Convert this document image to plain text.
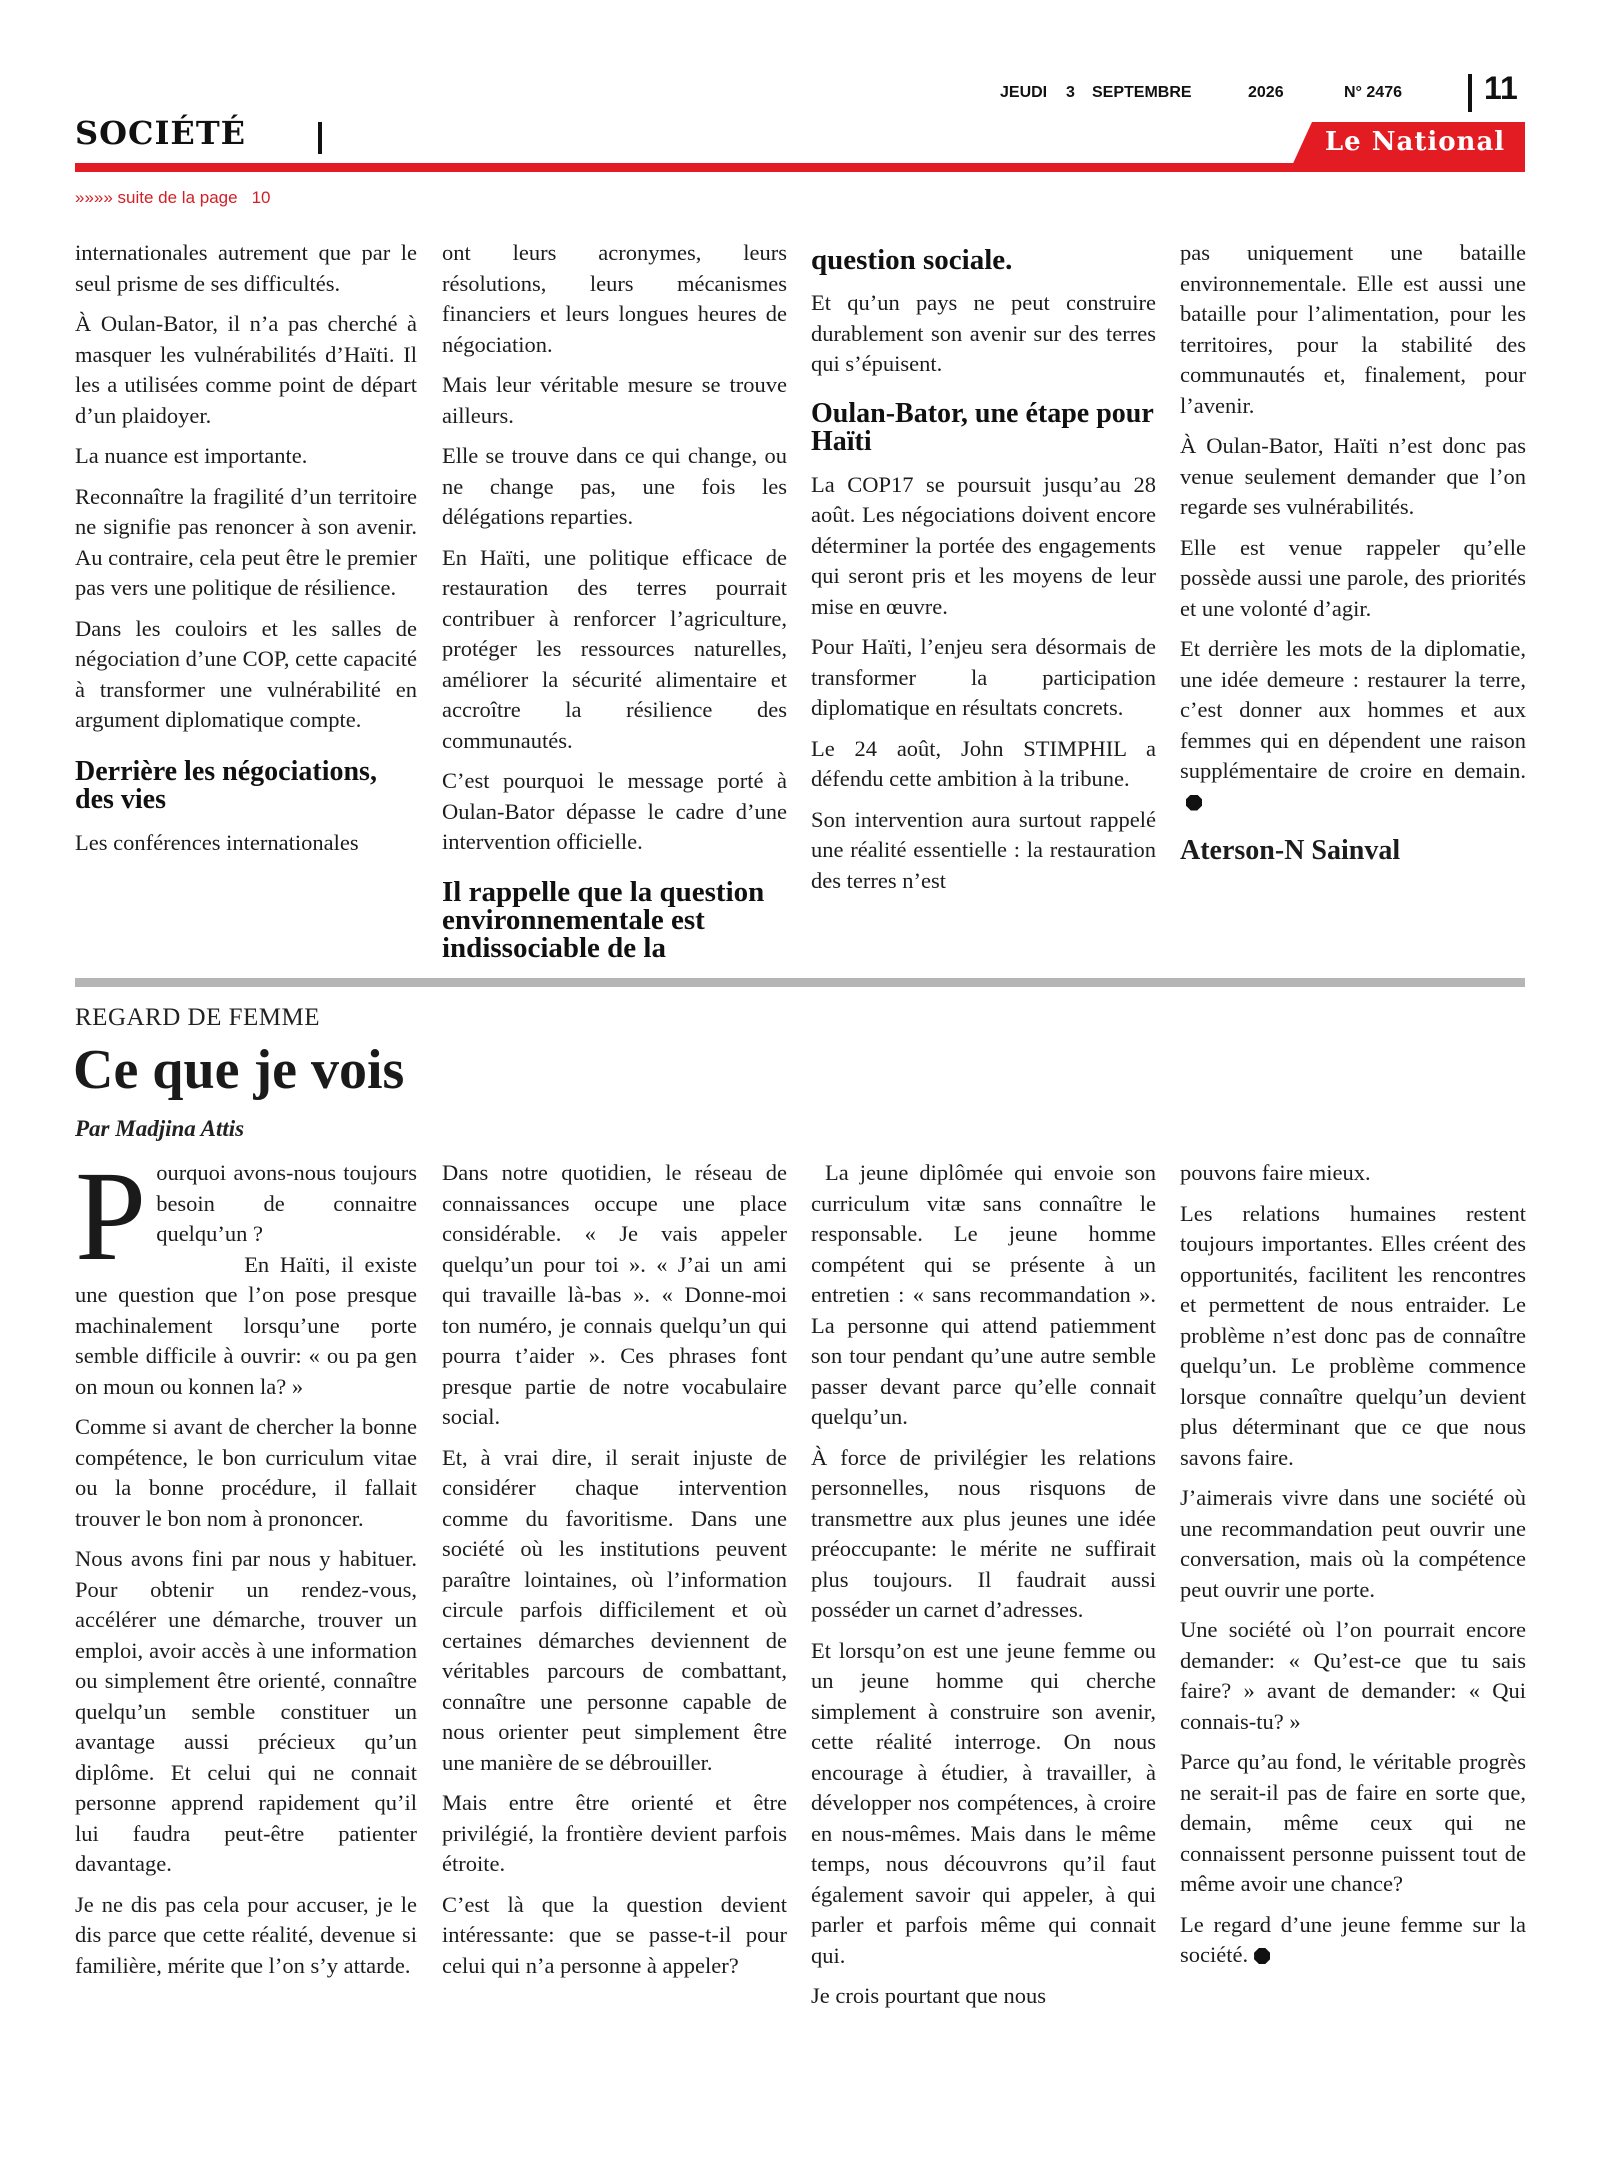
JEUDI	3	SEPTEMBRE	2026	N° 2476	11
SOCIÉTÉ	Le National
»»»» suite de la page 10

internationales autrement que par le seul prisme de ses difficultés.

À Oulan-Bator, il n’a pas cherché à masquer les vulnérabilités d’Haïti. Il les a utilisées comme point de départ d’un plaidoyer.

La nuance est importante.

Reconnaître la fragilité d’un territoire ne signifie pas renoncer à son avenir. Au contraire, cela peut être le premier pas vers une politique de résilience.

Dans les couloirs et les salles de négociation d’une COP, cette capacité à transformer une vulnérabilité en argument diplomatique compte.

Derrière les négociations, des vies

Les conférences internationales

ont leurs acronymes, leurs résolutions, leurs mécanismes financiers et leurs longues heures de négociation.

Mais leur véritable mesure se trouve ailleurs.

Elle se trouve dans ce qui change, ou ne change pas, une fois les délégations reparties.

En Haïti, une politique efficace de restauration des terres pourrait contribuer à renforcer l’agriculture, protéger les ressources naturelles, améliorer la sécurité alimentaire et accroître la résilience des communautés.

C’est pourquoi le message porté à Oulan-Bator dépasse le cadre d’une intervention officielle.

Il rappelle que la question environnementale est indissociable de la
question sociale.

Et qu’un pays ne peut construire durablement son avenir sur des terres qui s’épuisent.

Oulan-Bator, une étape pour Haïti

La COP17 se poursuit jusqu’au 28 août. Les négociations doivent encore déterminer la portée des engagements qui seront pris et les moyens de leur mise en œuvre.

Pour Haïti, l’enjeu sera désormais de transformer la participation diplomatique en résultats concrets.

Le 24 août, John STIMPHIL a défendu cette ambition à la tribune.

Son intervention aura surtout rappelé une réalité essentielle : la restauration des terres n’est

pas uniquement une bataille environnementale. Elle est aussi une bataille pour l’alimentation, pour les territoires, pour la stabilité des communautés et, finalement, pour l’avenir.

À Oulan-Bator, Haïti n’est donc pas venue seulement demander que l’on regarde ses vulnérabilités.

Elle est venue rappeler qu’elle possède aussi une parole, des priorités et une volonté d’agir.

Et derrière les mots de la diplomatie, une idée demeure : restaurer la terre, c’est donner aux hommes et aux femmes qui en dépendent une raison supplémentaire de croire en demain.

Aterson-N Sainval
REGARD DE FEMME
Ce que je vois
Par Madjina Attis

Pourquoi avons-nous toujours besoin de connaitre quelqu’un ?

En Haïti, il existe une question que l’on pose presque machinalement lorsqu’une porte semble difficile à ouvrir: « ou pa gen on moun ou konnen la? »

Comme si avant de chercher la bonne compétence, le bon curriculum vitae ou la bonne procédure, il fallait trouver le bon nom à prononcer.

Nous avons fini par nous y habituer. Pour obtenir un rendez-vous, accélérer une démarche, trouver un emploi, avoir accès à une information ou simplement être orienté, connaître quelqu’un semble constituer un avantage aussi précieux qu’un diplôme. Et celui qui ne connait personne apprend rapidement qu’il lui faudra peut-être patienter davantage.

Je ne dis pas cela pour accuser, je le dis parce que cette réalité, devenue si familière, mérite que l’on s’y attarde.

Dans notre quotidien, le réseau de connaissances occupe une place considérable. « Je vais appeler quelqu’un pour toi ». « J’ai un ami qui travaille là-bas ». « Donne-moi ton numéro, je connais quelqu’un qui pourra t’aider ». Ces phrases font presque partie de notre vocabulaire social.

Et, à vrai dire, il serait injuste de considérer chaque intervention comme du favoritisme. Dans une société où les institutions peuvent paraître lointaines, où l’information circule parfois difficilement et où certaines démarches deviennent de véritables parcours de combattant, connaître une personne capable de nous orienter peut simplement être une manière de se débrouiller.

Mais entre être orienté et être privilégié, la frontière devient parfois étroite.

C’est là que la question devient intéressante: que se passe-t-il pour celui qui n’a personne à appeler?

La jeune diplômée qui envoie son curriculum vitæ sans connaître le responsable. Le jeune homme compétent qui se présente à un entretien : « sans recommandation ». La personne qui attend patiemment son tour pendant qu’une autre semble passer devant parce qu’elle connait quelqu’un.

À force de privilégier les relations personnelles, nous risquons de transmettre aux plus jeunes une idée préoccupante: le mérite ne suffirait plus toujours. Il faudrait aussi posséder un carnet d’adresses.

Et lorsqu’on est une jeune femme ou un jeune homme qui cherche simplement à construire son avenir, cette réalité interroge. On nous encourage à étudier, à travailler, à développer nos compétences, à croire en nous-mêmes. Mais dans le même temps, nous découvrons qu’il faut également savoir qui appeler, à qui parler et parfois même qui connait qui.

Je crois pourtant que nous

pouvons faire mieux.

Les relations humaines restent toujours importantes. Elles créent des opportunités, facilitent les rencontres et permettent de nous entraider. Le problème n’est donc pas de connaître quelqu’un. Le problème commence lorsque connaître quelqu’un devient plus déterminant que ce que nous savons faire.

J’aimerais vivre dans une société où une recommandation peut ouvrir une conversation, mais où la compétence peut ouvrir une porte.

Une société où l’on pourrait encore demander: « Qu’est-ce que tu sais faire? » avant de demander: « Qui connais-tu? »

Parce qu’au fond, le véritable progrès ne serait-il pas de faire en sorte que, demain, même ceux qui ne connaissent personne puissent tout de même avoir une chance?

Le regard d’une jeune femme sur la société.
